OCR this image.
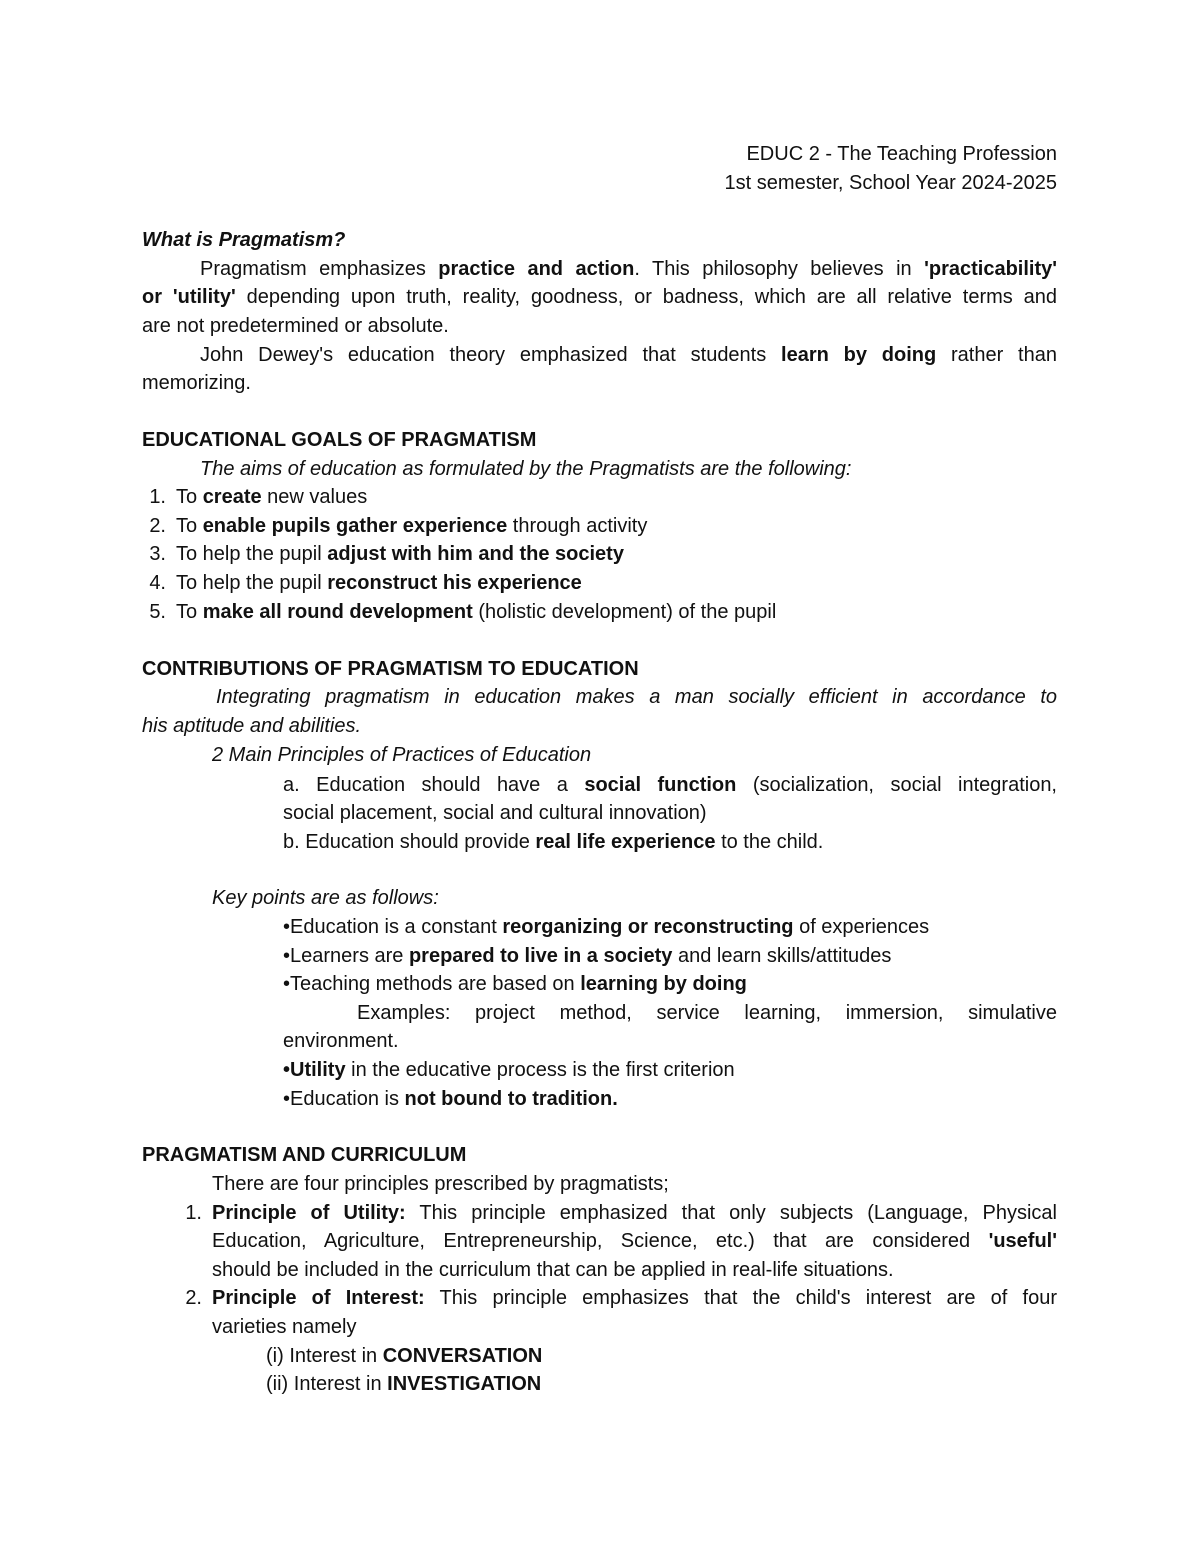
EDUC 2 - The Teaching Profession
1st semester, School Year 2024-2025
What is Pragmatism?
Pragmatism emphasizes practice and action. This philosophy believes in 'practicability'
or 'utility' depending upon truth, reality, goodness, or badness, which are all relative terms and
are not predetermined or absolute.
John Dewey's education theory emphasized that students learn by doing rather than
memorizing.
EDUCATIONAL GOALS OF PRAGMATISM
The aims of education as formulated by the Pragmatists are the following:
1. To create new values
2. To enable pupils gather experience through activity
3. To help the pupil adjust with him and the society
4. To help the pupil reconstruct his experience
5. To make all round development (holistic development) of the pupil
CONTRIBUTIONS OF PRAGMATISM TO EDUCATION
Integrating pragmatism in education makes a man socially efficient in accordance to
his aptitude and abilities.
2 Main Principles of Practices of Education
a. Education should have a social function (socialization, social integration,
social placement, social and cultural innovation)
b. Education should provide real life experience to the child.
Key points are as follows:
•Education is a constant reorganizing or reconstructing of experiences
•Learners are prepared to live in a society and learn skills/attitudes
•Teaching methods are based on learning by doing
Examples: project method, service learning, immersion, simulative
environment.
•Utility in the educative process is the first criterion
•Education is not bound to tradition.
PRAGMATISM AND CURRICULUM
There are four principles prescribed by pragmatists;
1. Principle of Utility: This principle emphasized that only subjects (Language, Physical
Education, Agriculture, Entrepreneurship, Science, etc.) that are considered 'useful'
should be included in the curriculum that can be applied in real-life situations.
2. Principle of Interest: This principle emphasizes that the child's interest are of four
varieties namely
(i) Interest in CONVERSATION
(ii) Interest in INVESTIGATION
